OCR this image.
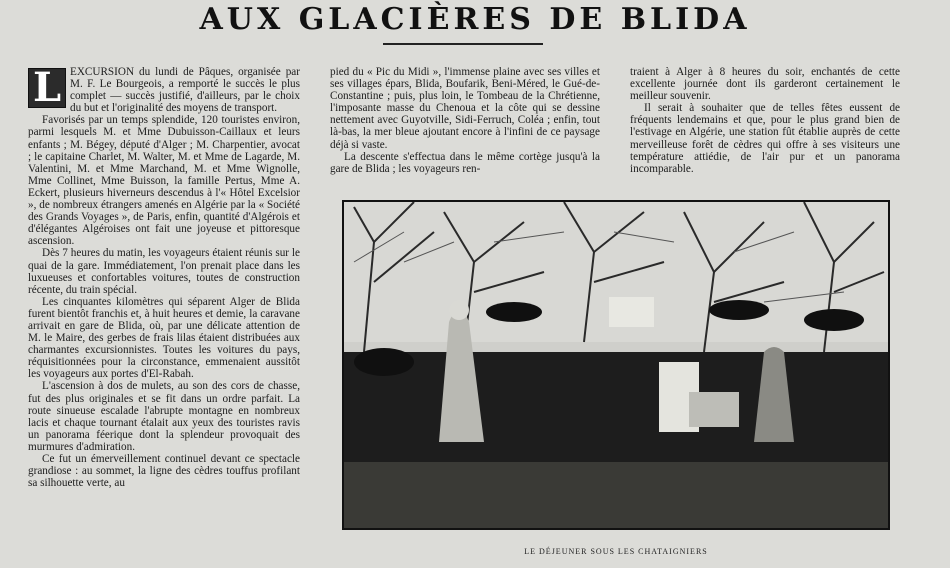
AUX GLACIÈRES DE BLIDA
L EXCURSION du lundi de Pâques, organisée par M. F. Le Bourgeois, a remporté le succès le plus complet — succès justifié, d'ailleurs, par le choix du but et l'originalité des moyens de transport.

Favorisés par un temps splendide, 120 touristes environ, parmi lesquels M. et Mme Dubuisson-Caillaux et leurs enfants ; M. Bégey, député d'Alger ; M. Charpentier, avocat ; le capitaine Charlet, M. Walter, M. et Mme de Lagarde, M. Valentini, M. et Mme Marchand, M. et Mme Wignolle, Mme Collinet, Mme Buisson, la famille Pertus, Mme A. Eckert, plusieurs hiverneurs descendus à l'« Hôtel Excelsior », de nombreux étrangers amenés en Algérie par la « Société des Grands Voyages », de Paris, enfin, quantité d'Algérois et d'élégantes Algéroises ont fait une joyeuse et pittoresque ascension.

Dès 7 heures du matin, les voyageurs étaient réunis sur le quai de la gare. Immédiatement, l'on prenait place dans les luxueuses et confortables voitures, toutes de construction récente, du train spécial.

Les cinquantes kilomètres qui séparent Alger de Blida furent bientôt franchis et, à huit heures et demie, la caravane arrivait en gare de Blida, où, par une délicate attention de M. le Maire, des gerbes de frais lilas étaient distribuées aux charmantes excursionnistes. Toutes les voitures du pays, réquisitionnées pour la circonstance, emmenaient aussitôt les voyageurs aux portes d'El-Rabah.

L'ascension à dos de mulets, au son des cors de chasse, fut des plus originales et se fit dans un ordre parfait. La route sinueuse escalade l'abrupte montagne en nombreux lacis et chaque tournant étalait aux yeux des touristes ravis un panorama féerique dont la splendeur provoquait des murmures d'admiration.

Ce fut un émerveillement continuel devant ce spectacle grandiose : au sommet, la ligne des cèdres touffus profilant sa silhouette verte, au

pied du « Pic du Midi », l'immense plaine avec ses villes et ses villages épars, Blida, Boufarik, Beni-Méred, le Gué-de-Constantine ; puis, plus loin, le Tombeau de la Chrétienne, l'imposante masse du Chenoua et la côte qui se dessine nettement avec Guyotville, Sidi-Ferruch, Coléa ; enfin, tout là-bas, la mer bleue ajoutant encore à l'infini de ce paysage déjà si vaste.

La descente s'effectua dans le même cortège jusqu'à la gare de Blida ; les voyageurs ren-

traient à Alger à 8 heures du soir, enchantés de cette excellente journée dont ils garderont certainement le meilleur souvenir.

Il serait à souhaiter que de telles fêtes eussent de fréquents lendemains et que, pour le plus grand bien de l'estivage en Algérie, une station fût établie auprès de cette merveilleuse forêt de cèdres qui offre à ses visiteurs une température attiédie, de l'air pur et un panorama incomparable.

LE DÉJEUNER SOUS LES CHATAIGNIERS
